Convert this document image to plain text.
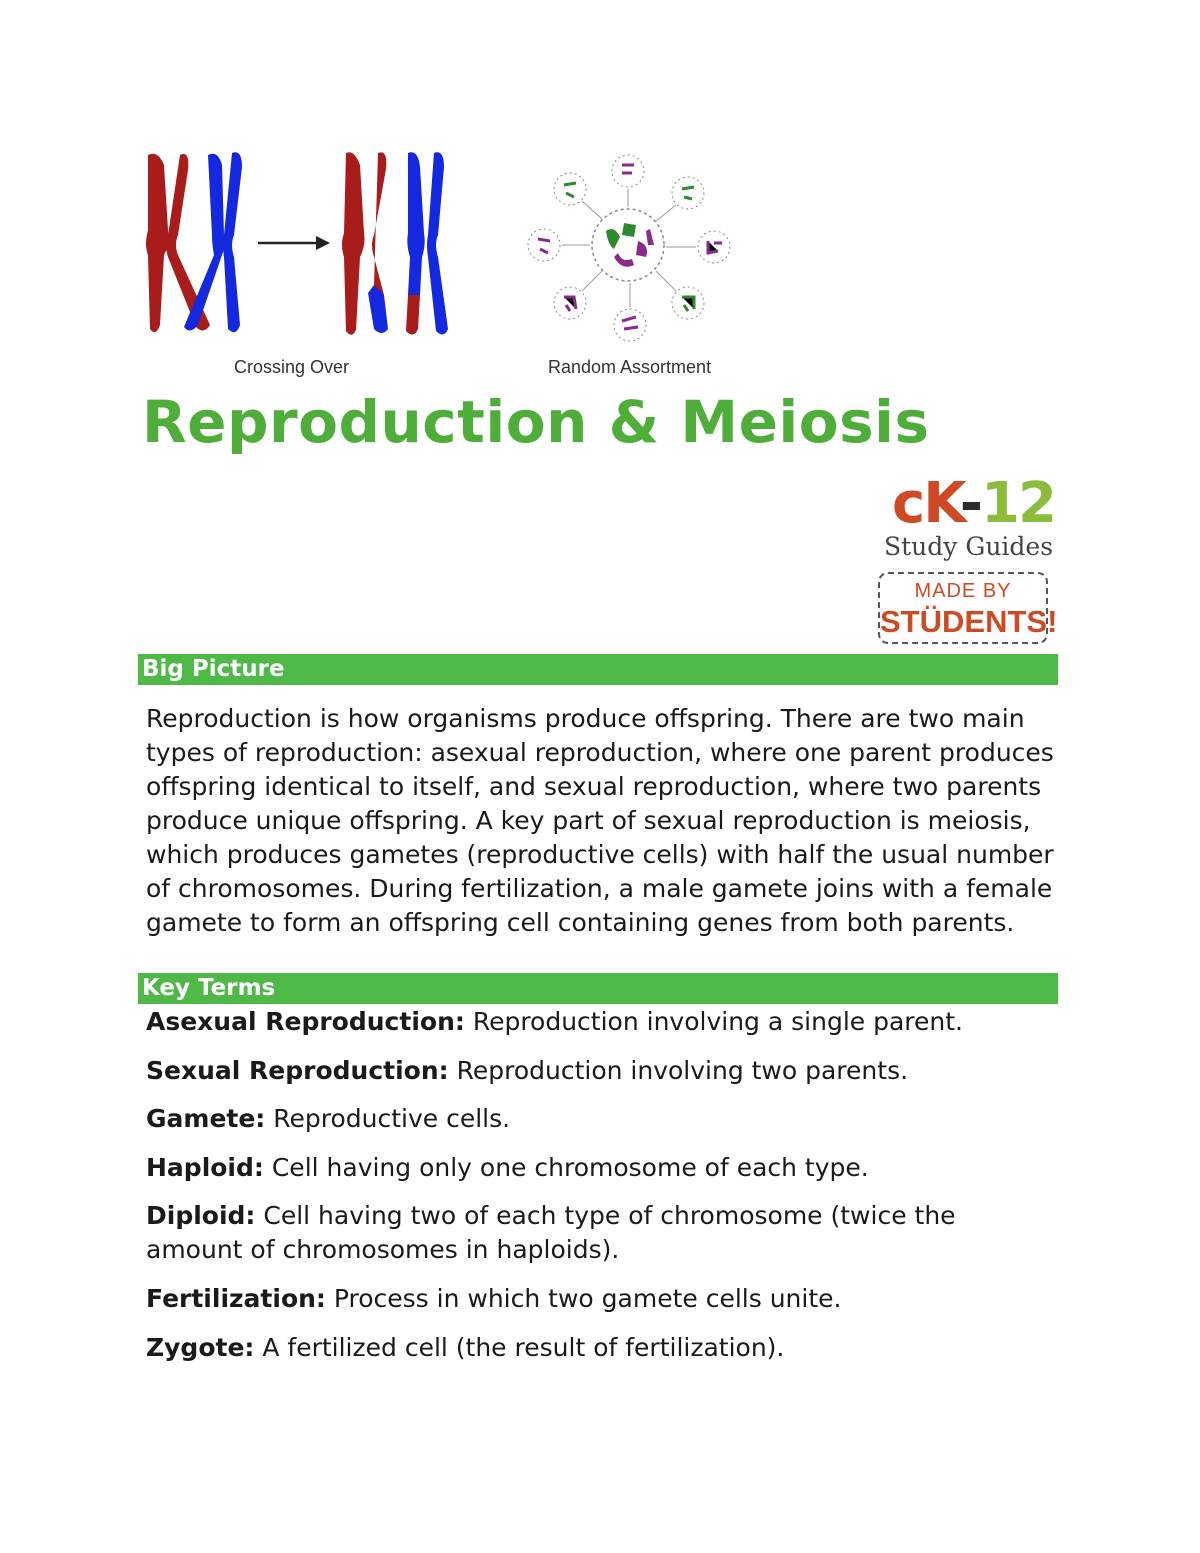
Crossing Over	Random Assortment
Reproduction & Meiosis
cK-12
Study Guides
MADE BY
STÜDENTS!
Big Picture

Reproduction is how organisms produce offspring. There are two main types of reproduction: asexual reproduction, where one parent produces offspring identical to itself, and sexual reproduction, where two parents produce unique offspring. A key part of sexual reproduction is meiosis, which produces gametes (reproductive cells) with half the usual number of chromosomes. During fertilization, a male gamete joins with a female gamete to form an offspring cell containing genes from both parents.

Key Terms

Asexual Reproduction: Reproduction involving a single parent.

Sexual Reproduction: Reproduction involving two parents.

Gamete: Reproductive cells.

Haploid: Cell having only one chromosome of each type.

Diploid: Cell having two of each type of chromosome (twice the amount of chromosomes in haploids).

Fertilization: Process in which two gamete cells unite.

Zygote: A fertilized cell (the result of fertilization).
